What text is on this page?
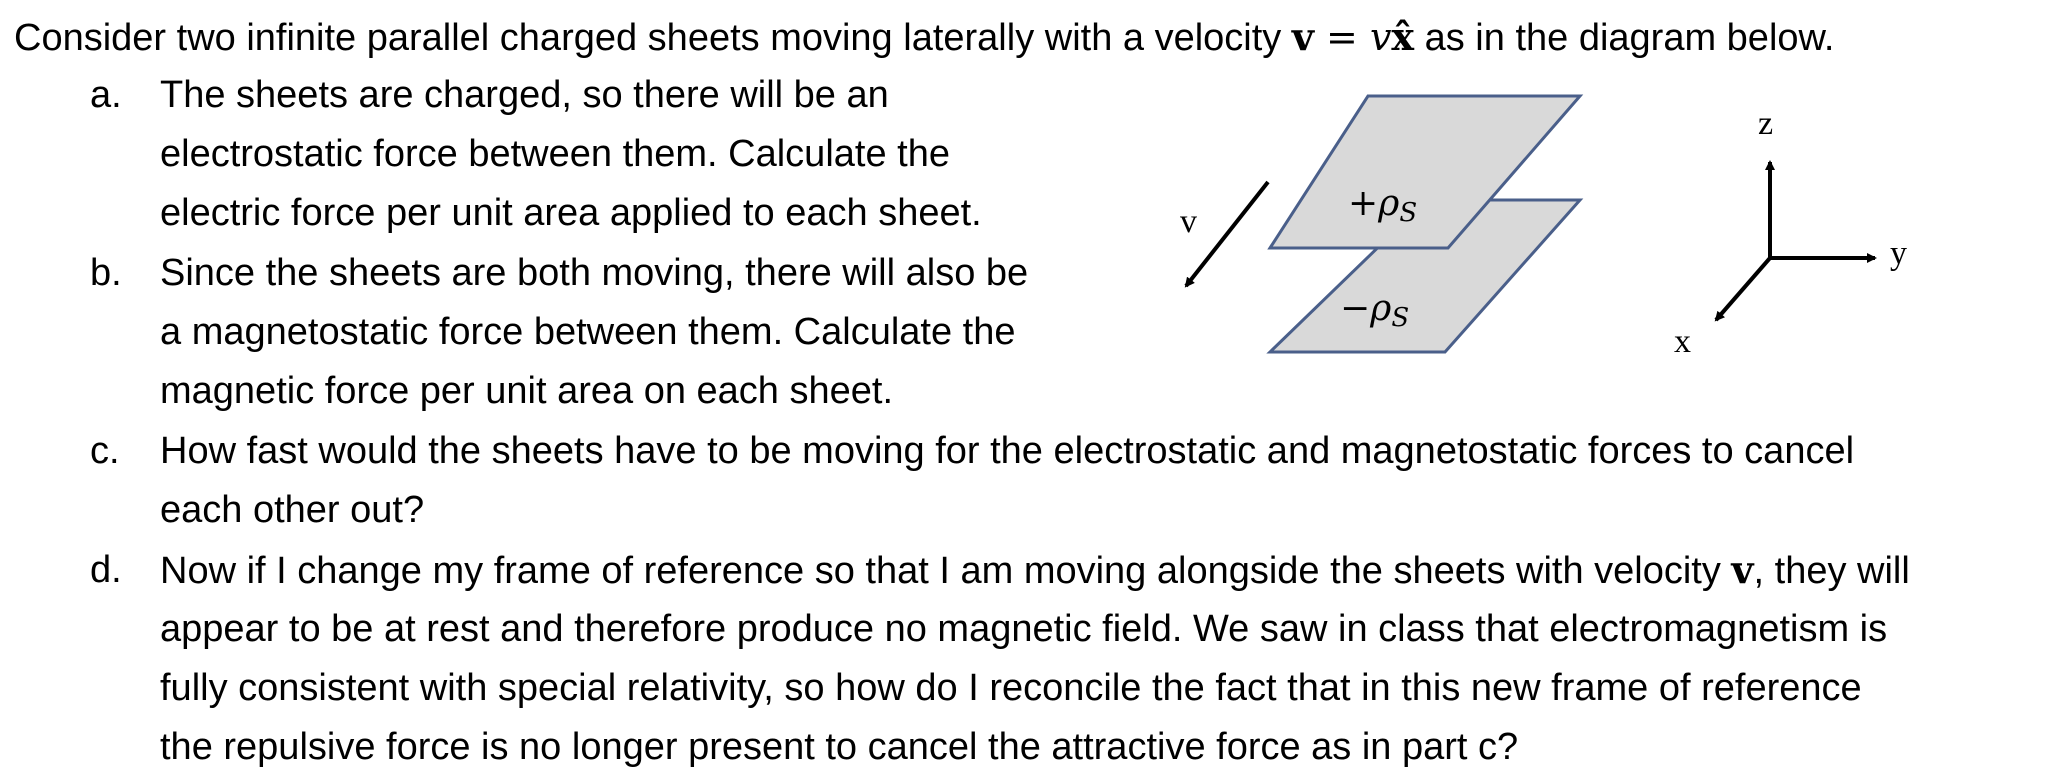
Consider two infinite parallel charged sheets moving laterally with a velocity v = vx̂ as in the diagram below.
a. The sheets are charged, so there will be an
electrostatic force between them. Calculate the
electric force per unit area applied to each sheet.
b. Since the sheets are both moving, there will also be
a magnetostatic force between them. Calculate the
magnetic force per unit area on each sheet.
c. How fast would the sheets have to be moving for the electrostatic and magnetostatic forces to cancel
each other out?
d. Now if I change my frame of reference so that I am moving alongside the sheets with velocity v, they will
appear to be at rest and therefore produce no magnetic field. We saw in class that electromagnetism is
fully consistent with special relativity, so how do I reconcile the fact that in this new frame of reference
the repulsive force is no longer present to cancel the attractive force as in part c?
v
−ρS
+ρS
z
y
x
